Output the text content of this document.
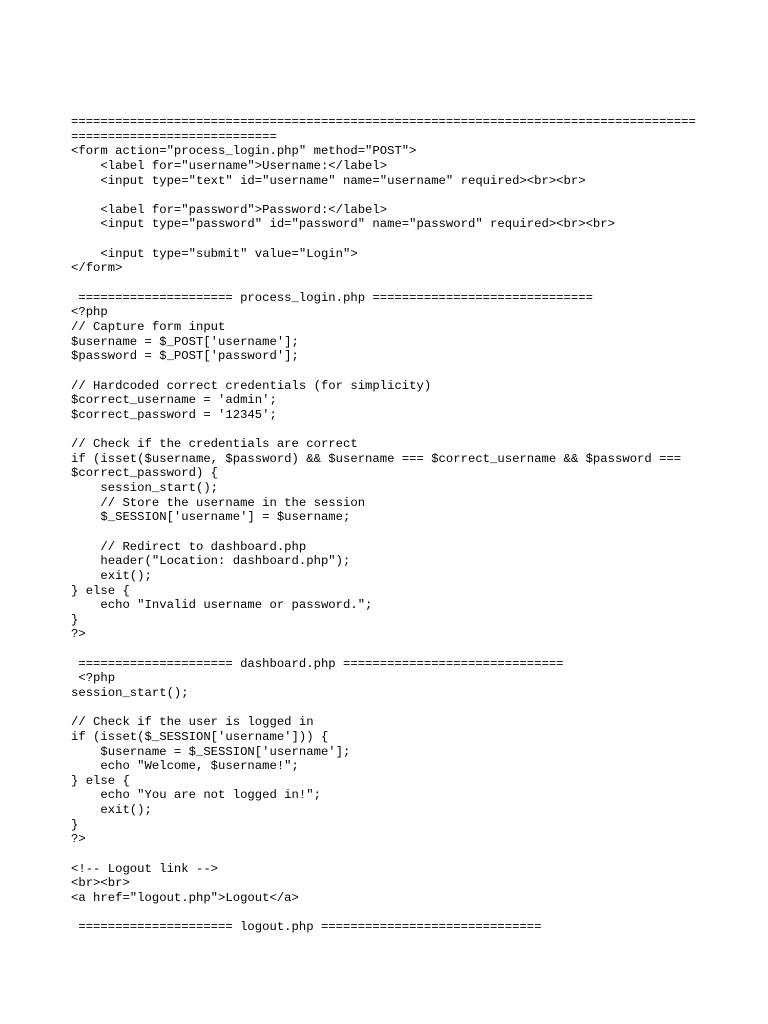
=====================================================================================
============================
<form action="process_login.php" method="POST">
<label for="username">Username:</label>
<input type="text" id="username" name="username" required><br><br>
<label for="password">Password:</label>
<input type="password" id="password" name="password" required><br><br>
<input type="submit" value="Login">
</form>
===================== process_login.php ==============================
<?php
// Capture form input
$username = $_POST['username'];
$password = $_POST['password'];
// Hardcoded correct credentials (for simplicity)
$correct_username = 'admin';
$correct_password = '12345';
// Check if the credentials are correct
if (isset($username, $password) && $username === $correct_username && $password ===
$correct_password) {
session_start();
// Store the username in the session
$_SESSION['username'] = $username;
// Redirect to dashboard.php
header("Location: dashboard.php");
exit();
} else {
echo "Invalid username or password.";
}
?>
===================== dashboard.php ==============================
<?php
session_start();
// Check if the user is logged in
if (isset($_SESSION['username'])) {
$username = $_SESSION['username'];
echo "Welcome, $username!";
} else {
echo "You are not logged in!";
exit();
}
?>
<!-- Logout link -->
<br><br>
<a href="logout.php">Logout</a>
===================== logout.php ==============================
